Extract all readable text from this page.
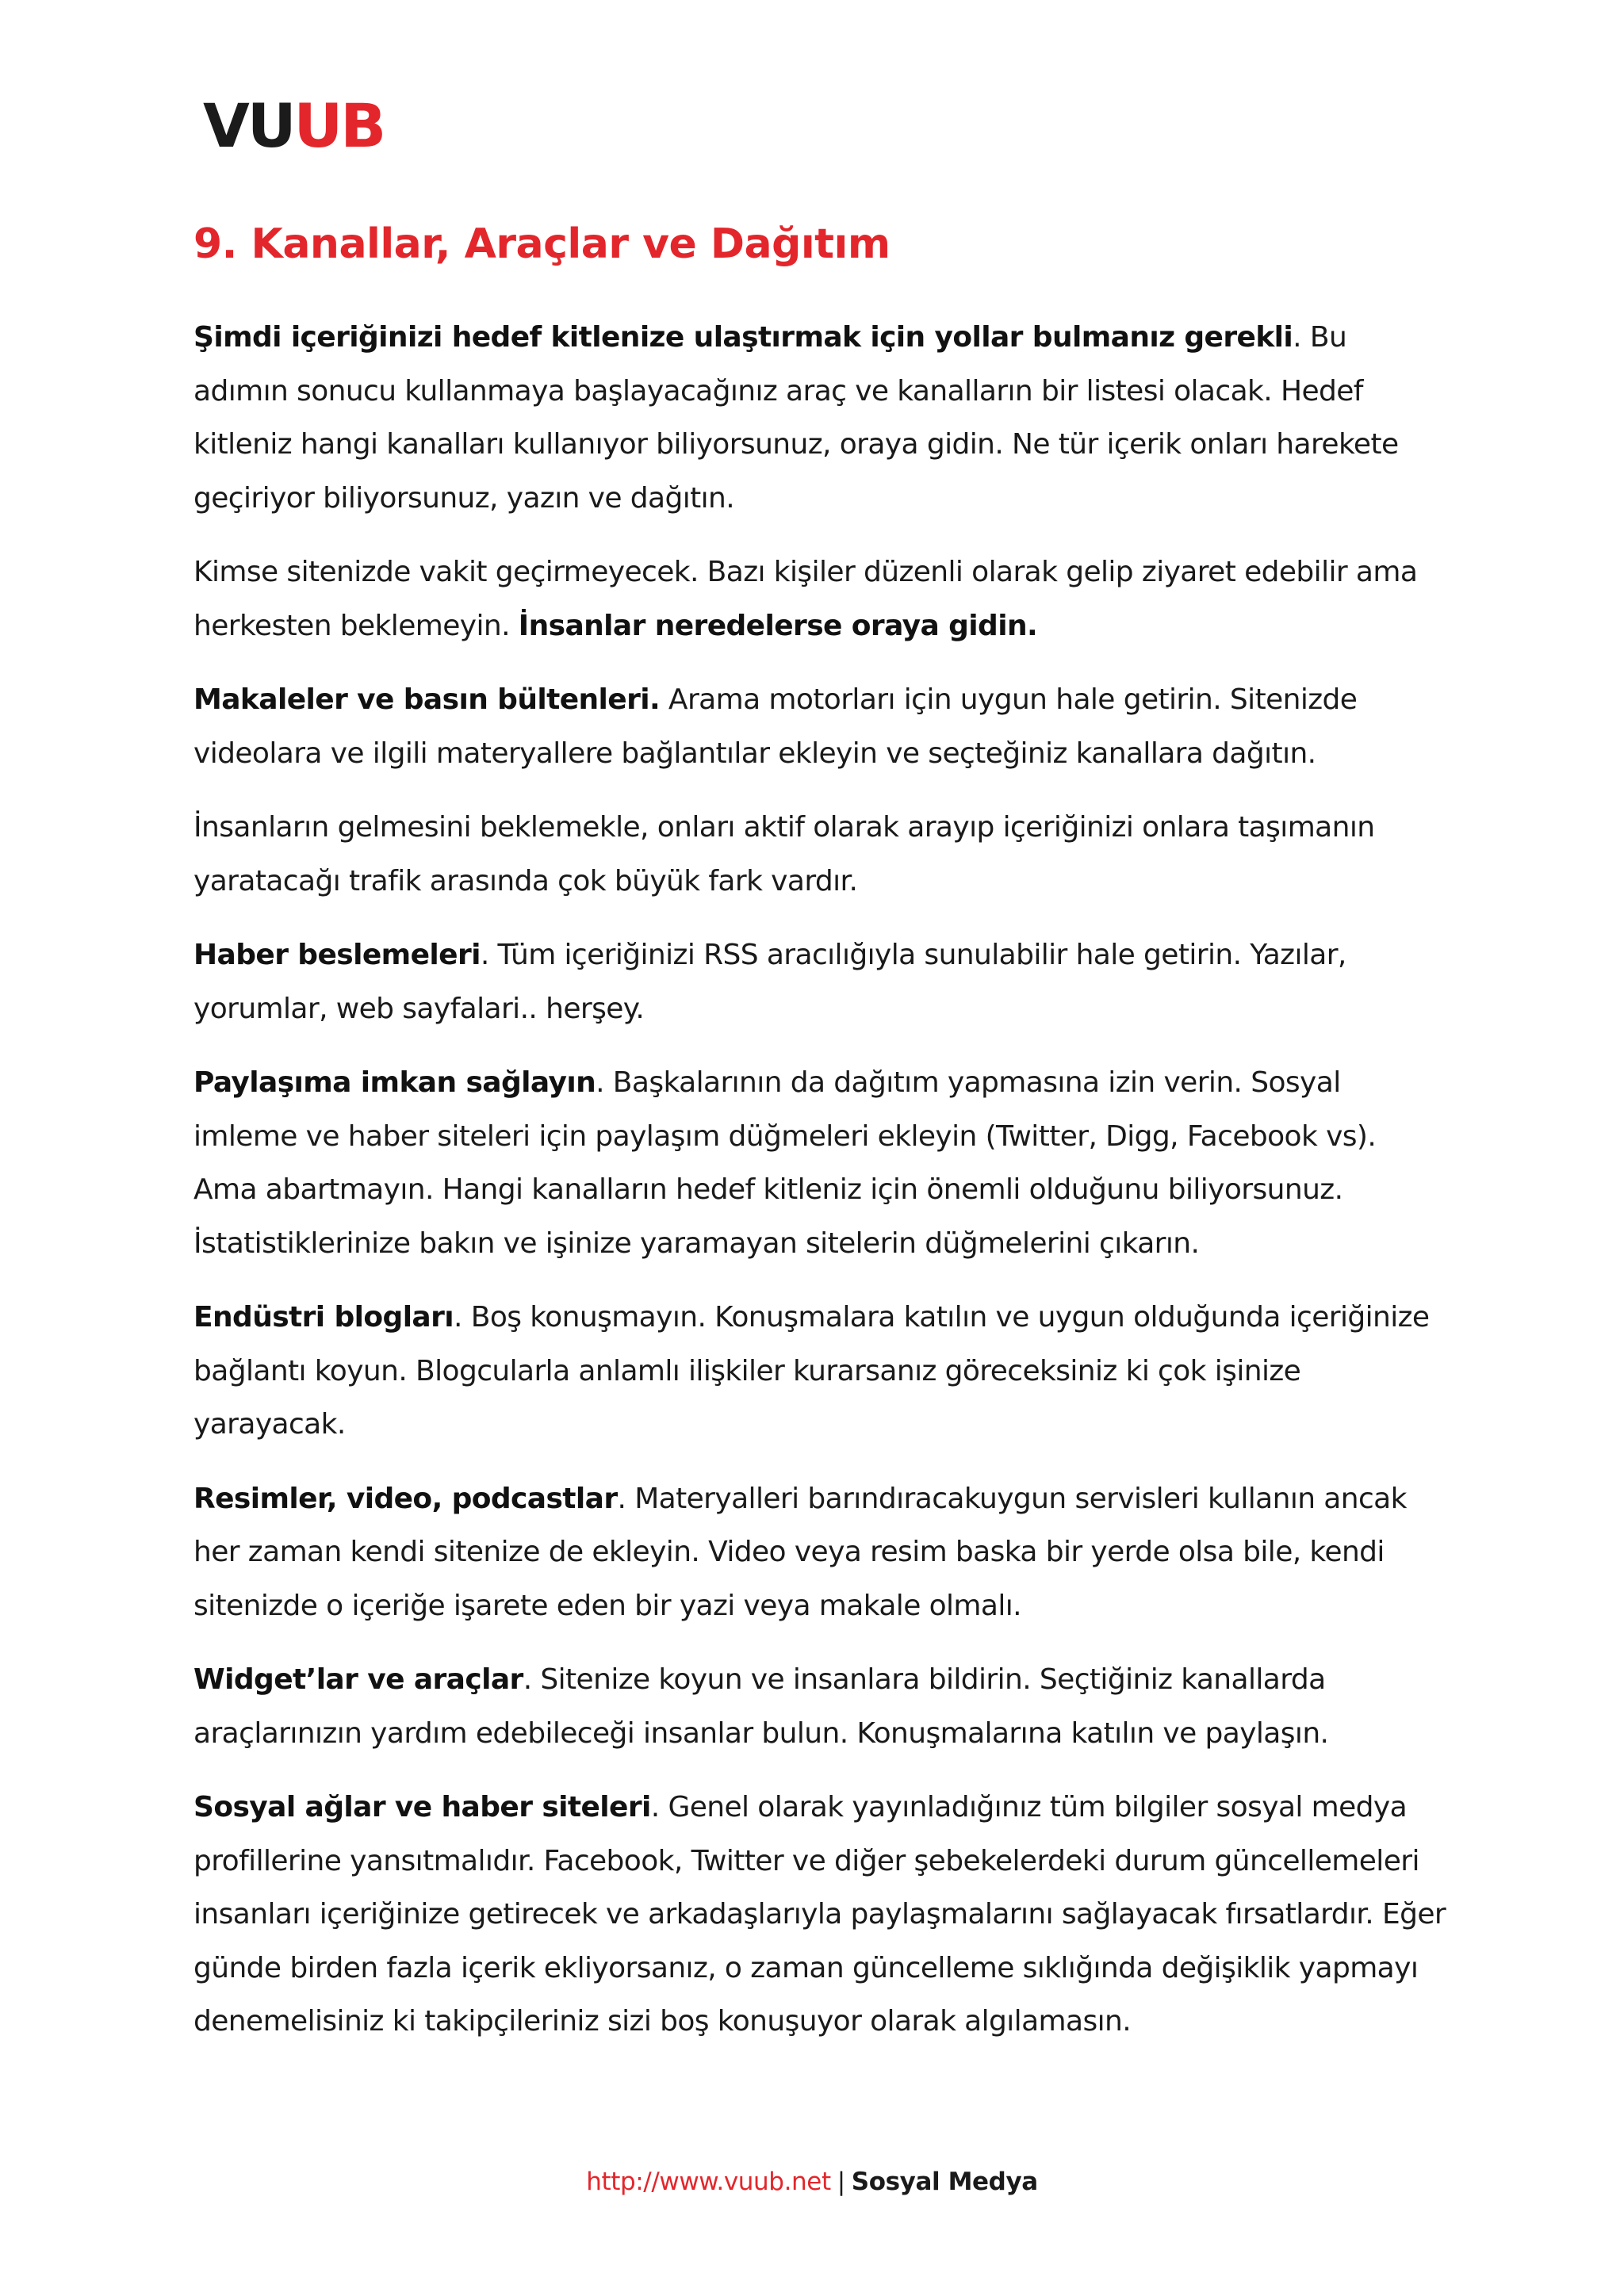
VU UB
9. Kanallar, Araçlar ve Dağıtım

Şimdi içeriğinizi hedef kitlenize ulaştırmak için yollar bulmanız gerekli. Bu adımın sonucu kullanmaya başlayacağınız araç ve kanalların bir listesi olacak. Hedef kitleniz hangi kanalları kullanıyor biliyorsunuz, oraya gidin. Ne tür içerik onları harekete geçiriyor biliyorsunuz, yazın ve dağıtın.

Kimse sitenizde vakit geçirmeyecek. Bazı kişiler düzenli olarak gelip ziyaret edebilir ama herkesten beklemeyin. İnsanlar neredelerse oraya gidin.

Makaleler ve basın bültenleri. Arama motorları için uygun hale getirin. Sitenizde videolara ve ilgili materyallere bağlantılar ekleyin ve seçteğiniz kanallara dağıtın.

İnsanların gelmesini beklemekle, onları aktif olarak arayıp içeriğinizi onlara taşımanın yaratacağı trafik arasında çok büyük fark vardır.

Haber beslemeleri. Tüm içeriğinizi RSS aracılığıyla sunulabilir hale getirin. Yazılar, yorumlar, web sayfalari.. herşey.

Paylaşıma imkan sağlayın. Başkalarının da dağıtım yapmasına izin verin. Sosyal imleme ve haber siteleri için paylaşım düğmeleri ekleyin (Twitter, Digg, Facebook vs). Ama abartmayın. Hangi kanalların hedef kitleniz için önemli olduğunu biliyorsunuz. İstatistiklerinize bakın ve işinize yaramayan sitelerin düğmelerini çıkarın.

Endüstri blogları. Boş konuşmayın. Konuşmalara katılın ve uygun olduğunda içeriğinize bağlantı koyun. Blogcularla anlamlı ilişkiler kurarsanız göreceksiniz ki çok işinize yarayacak.

Resimler, video, podcastlar. Materyalleri barındıracakuygun servisleri kullanın ancak her zaman kendi sitenize de ekleyin. Video veya resim baska bir yerde olsa bile, kendi sitenizde o içeriğe işarete eden bir yazi veya makale olmalı.

Widget’lar ve araçlar. Sitenize koyun ve insanlara bildirin. Seçtiğiniz kanallarda araçlarınızın yardım edebileceği insanlar bulun. Konuşmalarına katılın ve paylaşın.

Sosyal ağlar ve haber siteleri. Genel olarak yayınladığınız tüm bilgiler sosyal medya profillerine yansıtmalıdır. Facebook, Twitter ve diğer şebekelerdeki durum güncellemeleri insanları içeriğinize getirecek ve arkadaşlarıyla paylaşmalarını sağlayacak fırsatlardır. Eğer günde birden fazla içerik ekliyorsanız, o zaman güncelleme sıklığında değişiklik yapmayı denemelisiniz ki takipçileriniz sizi boş konuşuyor olarak algılamasın.

http://www.vuub.net | Sosyal Medya
